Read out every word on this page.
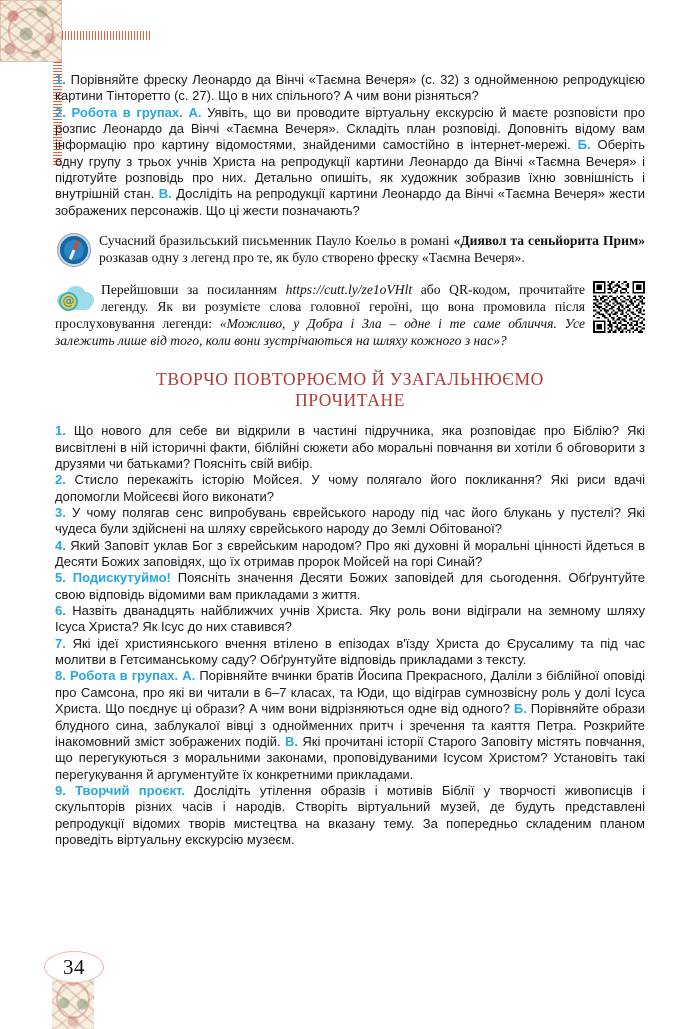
34

1. Порівняйте фреску Леонардо да Вінчі «Таємна Вечеря» (с. 32) з однойменною репродукцією картини Тінторетто (с. 27). Що в них спільного? А чим вони різняться?

2. Робота в групах. А. Уявіть, що ви проводите віртуальну екскурсію й маєте розповісти про розпис Леонардо да Вінчі «Таємна Вечеря». Складіть план розповіді. Доповніть відому вам інформацію про картину відомостями, знайденими самостійно в інтернет-мережі. Б. Оберіть одну групу з трьох учнів Христа на репродукції картини Леонардо да Вінчі «Таємна Вечеря» і підготуйте розповідь про них. Детально опишіть, як художник зобразив їхню зовнішність і внутрішній стан. В. Дослідіть на репродукції картини Леонардо да Вінчі «Таємна Вечеря» жести зображених персонажів. Що ці жести позначають?

Сучасний бразильський письменник Пауло Коельо в романі «Диявол та сеньйорита Прим» розказав одну з легенд про те, як було створено фреску «Таємна Вечеря».

@

Перейшовши за посиланням https://cutt.ly/ze1oVHlt або QR-кодом, прочитайте легенду. Як ви розумієте слова головної героїні, що вона промовила після прослуховування легенди: «Можливо, у Добра і Зла – одне і те саме обличчя. Усе залежить лише від того, коли вони зустрічаються на шляху кожного з нас»?

ТВОРЧО ПОВТОРЮЄМО Й УЗАГАЛЬНЮЄМО
ПРОЧИТАНЕ

1. Що нового для себе ви відкрили в частині підручника, яка розповідає про Біблію? Які висвітлені в ній історичні факти, біблійні сюжети або моральні повчання ви хотіли б обговорити з друзями чи батьками? Поясніть свій вибір.

2. Стисло перекажіть історію Мойсея. У чому полягало його покликання? Які риси вдачі допомогли Мойсеєві його виконати?

3. У чому полягав сенс випробувань єврейського народу під час його блукань у пустелі? Які чудеса були здійснені на шляху єврейського народу до Землі Обітованої?

4. Який Заповіт уклав Бог з єврейським народом? Про які духовні й моральні цінності йдеться в Десяти Божих заповідях, що їх отримав пророк Мойсей на горі Синай?

5. Подискутуймо! Поясніть значення Десяти Божих заповідей для сьогодення. Обґрунтуйте свою відповідь відомими вам прикладами з життя.

6. Назвіть дванадцять найближчих учнів Христа. Яку роль вони відіграли на земному шляху Ісуса Христа? Як Ісус до них ставився?

7. Які ідеї християнського вчення втілено в епізодах в'їзду Христа до Єрусалиму та під час молитви в Гетсиманському саду? Обґрунтуйте відповідь прикладами з тексту.

8. Робота в групах. А. Порівняйте вчинки братів Йосипа Прекрасного, Даліли з біблійної оповіді про Самсона, про які ви читали в 6–7 класах, та Юди, що відіграв сумнозвісну роль у долі Ісуса Христа. Що поєднує ці образи? А чим вони відрізняються одне від одного? Б. Порівняйте образи блудного сина, заблукалої вівці з однойменних притч і зречення та каяття Петра. Розкрийте інакомовний зміст зображених подій. В. Які прочитані історії Старого Заповіту містять повчання, що перегукуються з моральними законами, проповідуваними Ісусом Христом? Установіть такі перегукування й аргументуйте їх конкретними прикладами.

9. Творчий проєкт. Дослідіть утілення образів і мотивів Біблії у творчості живописців і скульпторів різних часів і народів. Створіть віртуальний музей, де будуть представлені репродукції відомих творів мистецтва на вказану тему. За попередньо складеним планом проведіть віртуальну екскурсію музеєм.
